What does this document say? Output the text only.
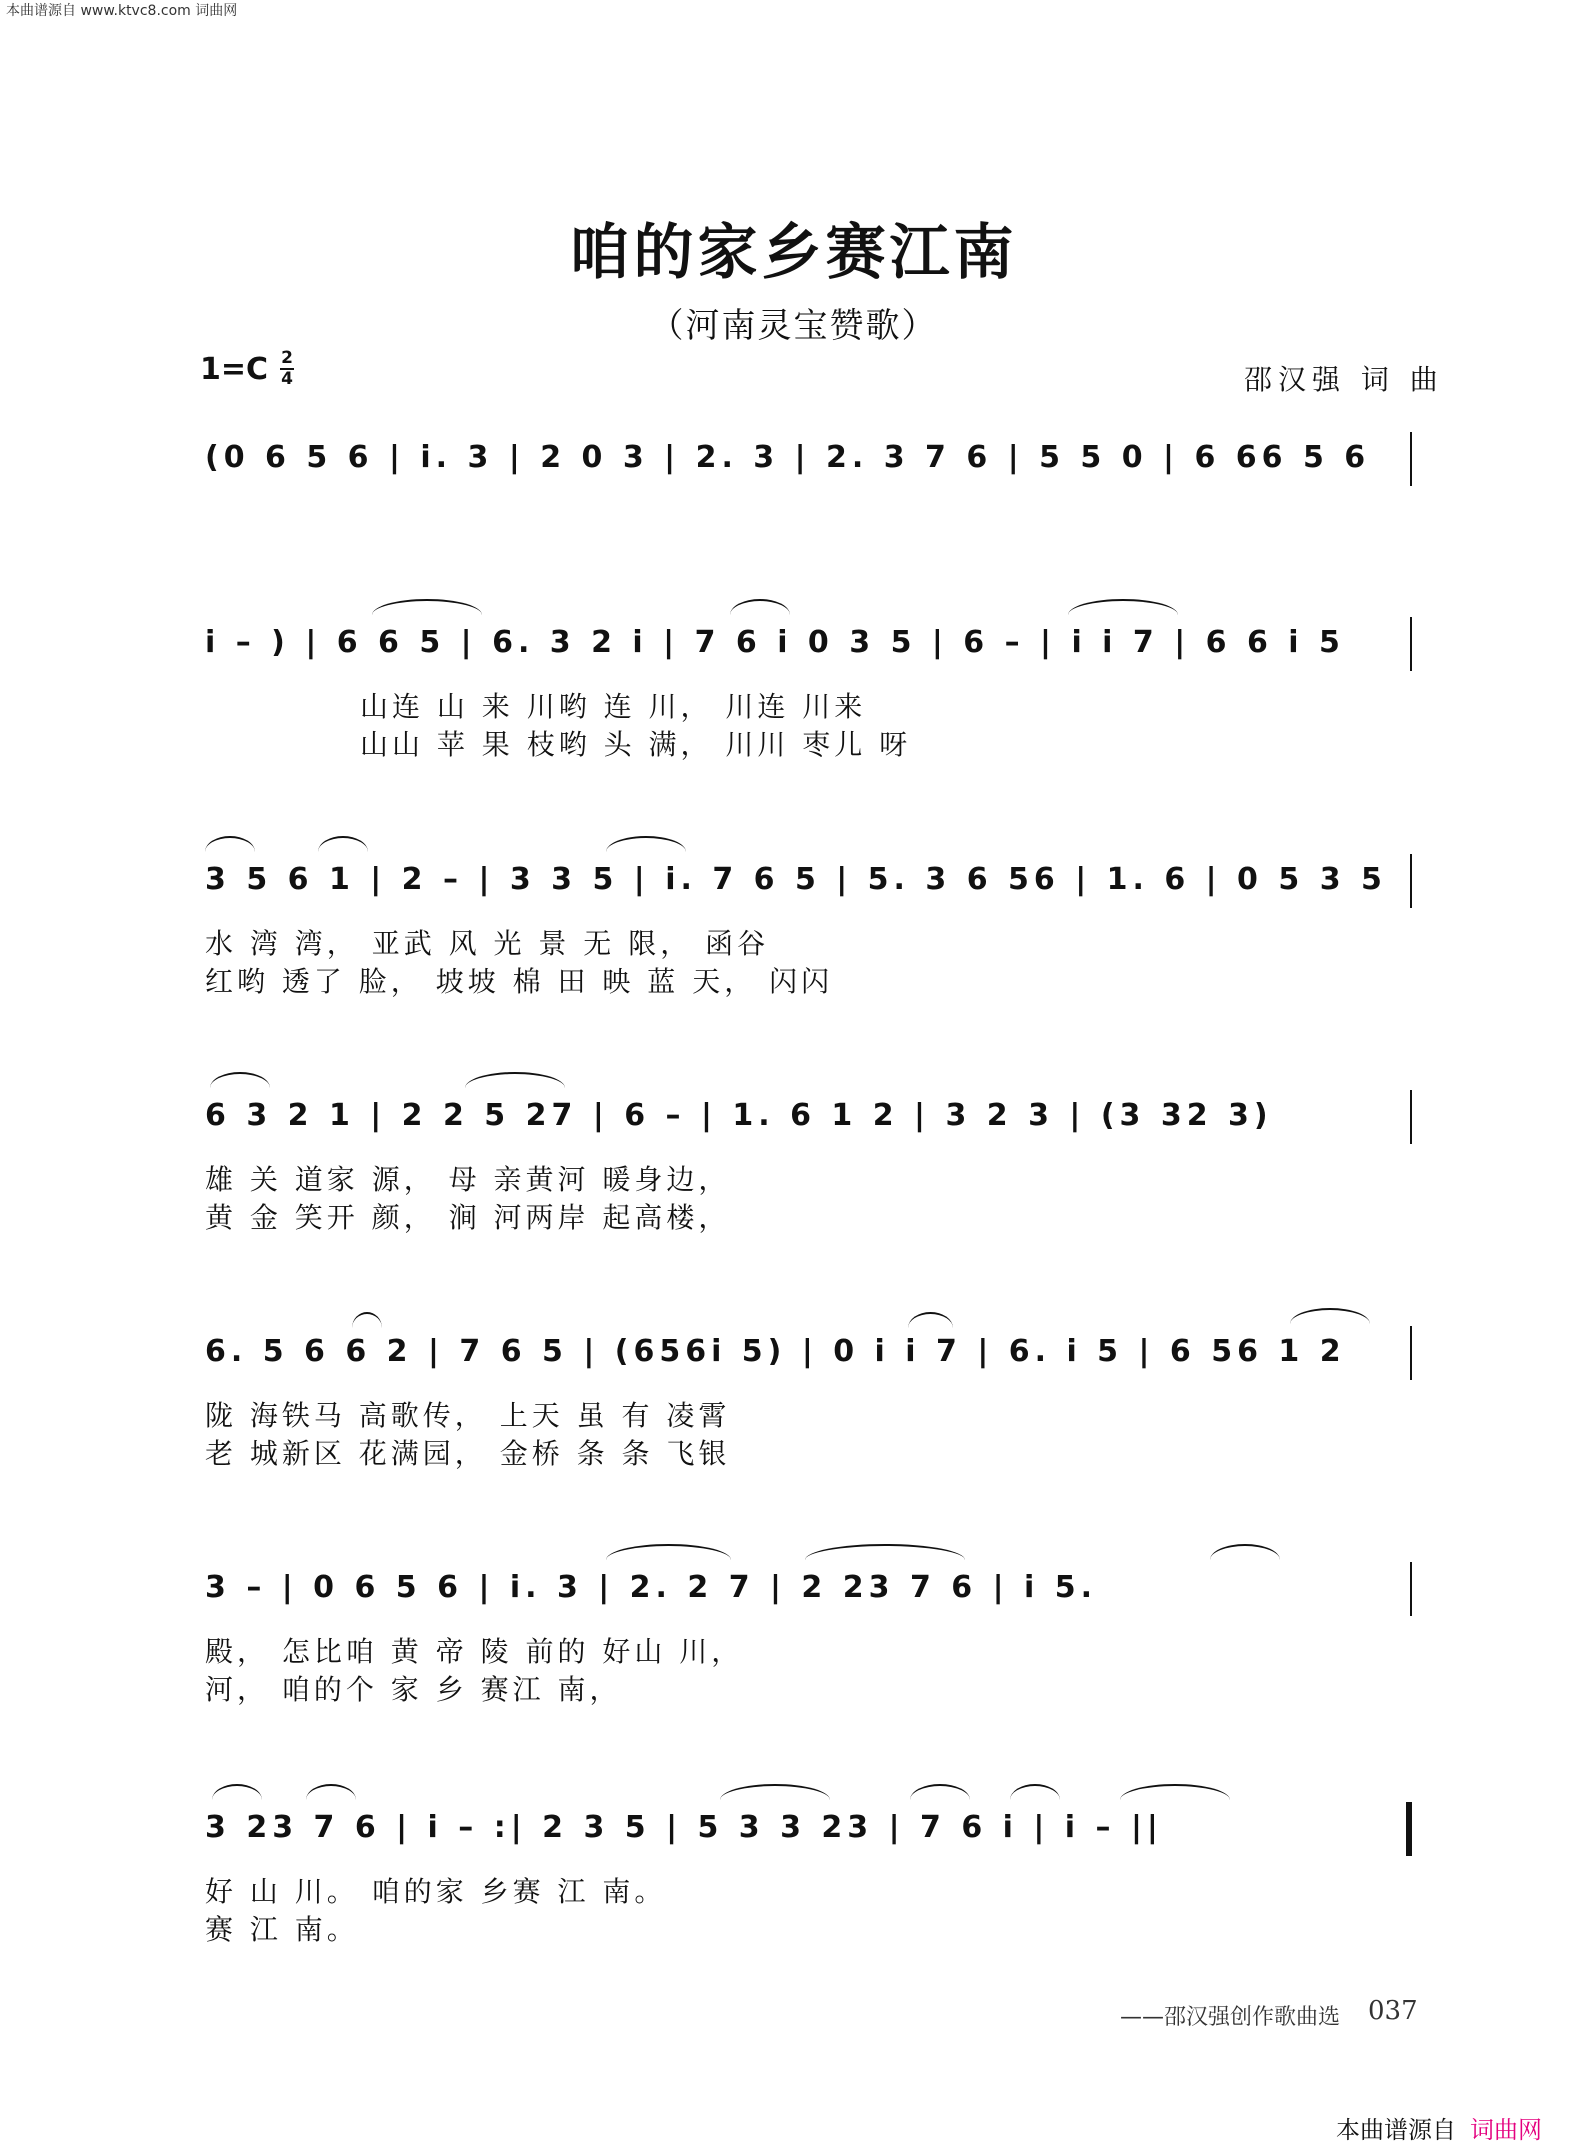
本曲谱源自 www.ktvc8.com 词曲网
咱的家乡赛江南
（河南灵宝赞歌）
1=C 2
4	邵汉强 词 曲
(0 6 5 6 | i. 3 | 2 0 3 | 2. 3 | 2. 3 7 6 | 5 5 0 | 6 66 5 6
i – ) | 6 6 5 | 6. 3 2 i | 7 6 i 0 3 5 | 6 – | i i 7 | 6 6 i 5
山连 山 来 川哟 连 川， 川连 川来
山山 苹 果 枝哟 头 满， 川川 枣儿 呀
3 5 6 1 | 2 – | 3 3 5 | i. 7 6 5 | 5. 3 6 56 | 1. 6 | 0 5 3 5
水 湾 湾， 亚武 风 光 景 无 限， 函谷
红哟 透了 脸， 坡坡 棉 田 映 蓝 天， 闪闪
6 3 2 1 | 2 2 5 27 | 6 – | 1. 6 1 2 | 3 2 3 | (3 32 3)
雄 关 道家 源， 母 亲黄河 暖身边，
黄 金 笑开 颜， 涧 河两岸 起高楼，
6. 5 6 6 2 | 7 6 5 | (656i 5) | 0 i i 7 | 6. i 5 | 6 56 1 2
陇 海铁马 高歌传， 上天 虽 有 凌霄
老 城新区 花满园， 金桥 条 条 飞银
3 – | 0 6 5 6 | i. 3 | 2. 2 7 | 2 23 7 6 | i 5.
殿， 怎比咱 黄 帝 陵 前的 好山 川，
河， 咱的个 家 乡 赛江 南，
3 23 7 6 | i – :| 2 3 5 | 5 3 3 23 | 7 6 i | i – ||
好 山 川。 咱的家 乡赛 江 南。
赛 江 南。
——邵汉强创作歌曲选 037
本曲谱源自 词曲网
